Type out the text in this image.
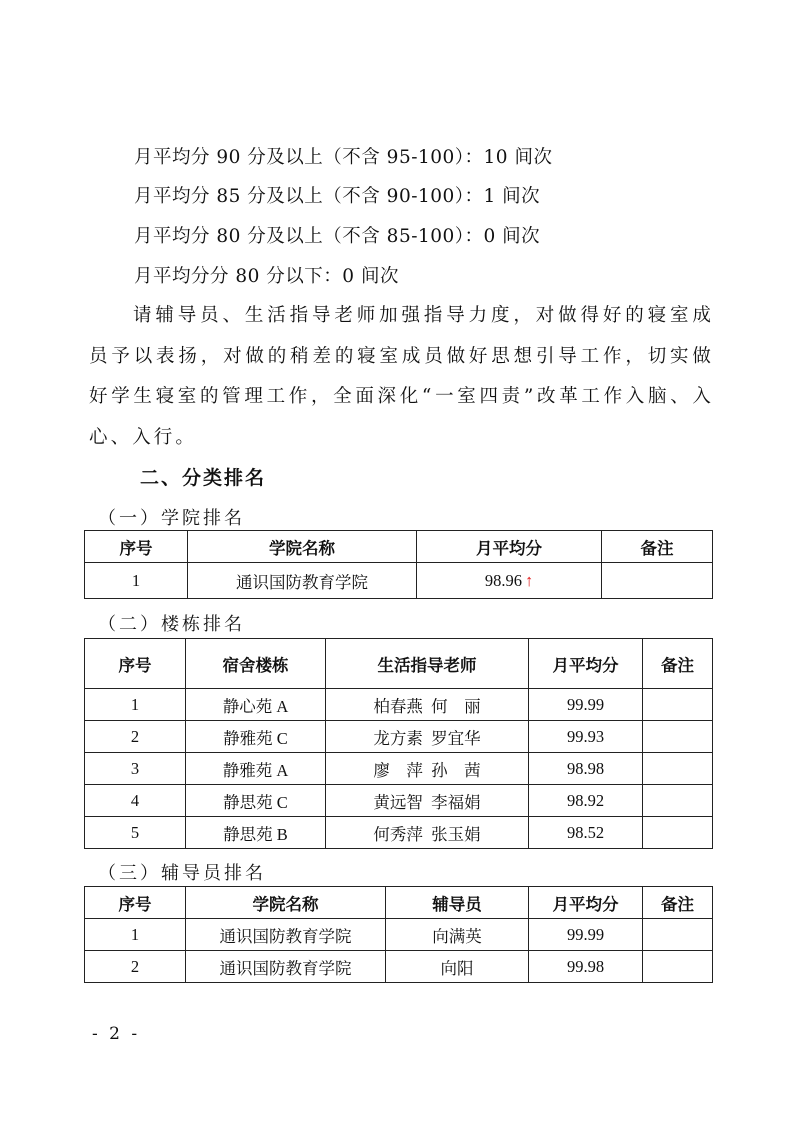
月平均分 90 分及以上（不含 95-100）：10 间次
月平均分 85 分及以上（不含 90-100）：1 间次
月平均分 80 分及以上（不含 85-100）：0 间次
月平均分分 80 分以下：0 间次
请辅导员、生活指导老师加强指导力度，对做得好的寝室成员予以表扬，对做的稍差的寝室成员做好思想引导工作，切实做好学生寝室的管理工作，全面深化“一室四责”改革工作入脑、入心、入行。
二、分类排名
（一）学院排名
序号	学院名称	月平均分	备注
1	通识国防教育学院	98.96 ↑	
（二）楼栋排名
序号	宿舍楼栋	生活指导老师	月平均分	备注
1	静心苑 A	柏春燕  何    丽	99.99	
2	静雅苑 C	龙方素  罗宜华	99.93	
3	静雅苑 A	廖    萍  孙    茜	98.98	
4	静思苑 C	黄远智  李福娟	98.92	
5	静思苑 B	何秀萍  张玉娟	98.52	
（三）辅导员排名
序号	学院名称	辅导员	月平均分	备注
1	通识国防教育学院	向满英	99.99	
2	通识国防教育学院	向阳	99.98	
- 2 -
